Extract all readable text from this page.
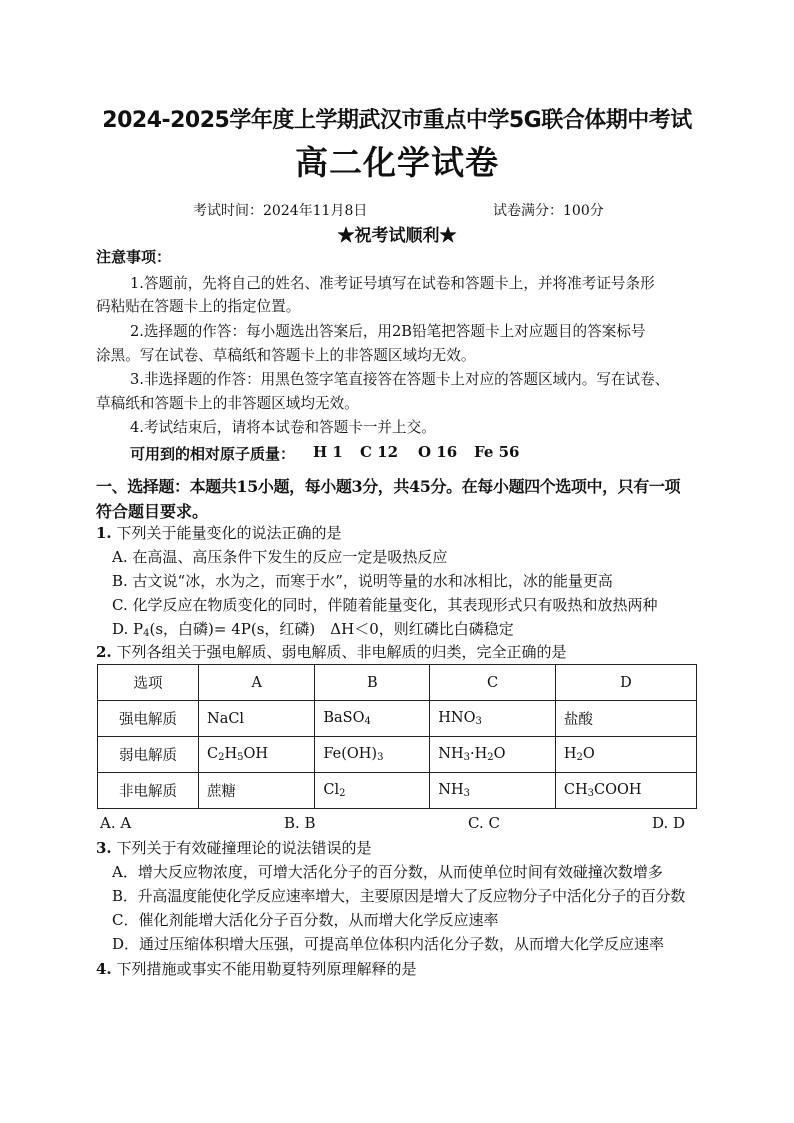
2024-2025学年度上学期武汉市重点中学5G联合体期中考试
高二化学试卷
考试时间：2024年11月8日	试卷满分：100分
★祝考试顺利★
注意事项：
1.答题前，先将自己的姓名、准考证号填写在试卷和答题卡上，并将准考证号条形
码粘贴在答题卡上的指定位置。
2.选择题的作答：每小题选出答案后，用2B铅笔把答题卡上对应题目的答案标号
涂黑。写在试卷、草稿纸和答题卡上的非答题区域均无效。
3.非选择题的作答：用黑色签字笔直接答在答题卡上对应的答题区域内。写在试卷、
草稿纸和答题卡上的非答题区域均无效。
4.考试结束后，请将本试卷和答题卡一并上交。
可用到的相对原子质量： H 1 C 12 O 16 Fe 56
一、选择题：本题共15小题，每小题3分，共45分。在每小题四个选项中，只有一项
符合题目要求。
1. 下列关于能量变化的说法正确的是
A. 在高温、高压条件下发生的反应一定是吸热反应
B. 古文说“冰，水为之，而寒于水”，说明等量的水和冰相比，冰的能量更高
C. 化学反应在物质变化的同时，伴随着能量变化，其表现形式只有吸热和放热两种
D. $P_4(s$，白磷)= 4P(s，红磷)　ΔH＜0，则红磷比白磷稳定
2. 下列各组关于强电解质、弱电解质、非电解质的归类，完全正确的是
选项	A	B	C	D
强电解质	NaCl	BaSO$_4$	$HNO_3$	盐酸
弱电解质	$C_2H_5OH$	$Fe(OH)_3$	$NH_3\cdot H_2O$	$H_2O$
非电解质	蔗糖	$Cl_2$	$NH_3$	$CH_3COOH$
A. A	B. B	C. C	D. D
3. 下列关于有效碰撞理论的说法错误的是
A．增大反应物浓度，可增大活化分子的百分数，从而使单位时间有效碰撞次数增多
B．升高温度能使化学反应速率增大，主要原因是增大了反应物分子中活化分子的百分数
C．催化剂能增大活化分子百分数，从而增大化学反应速率
D．通过压缩体积增大压强，可提高单位体积内活化分子数，从而增大化学反应速率
4. 下列措施或事实不能用勒夏特列原理解释的是
